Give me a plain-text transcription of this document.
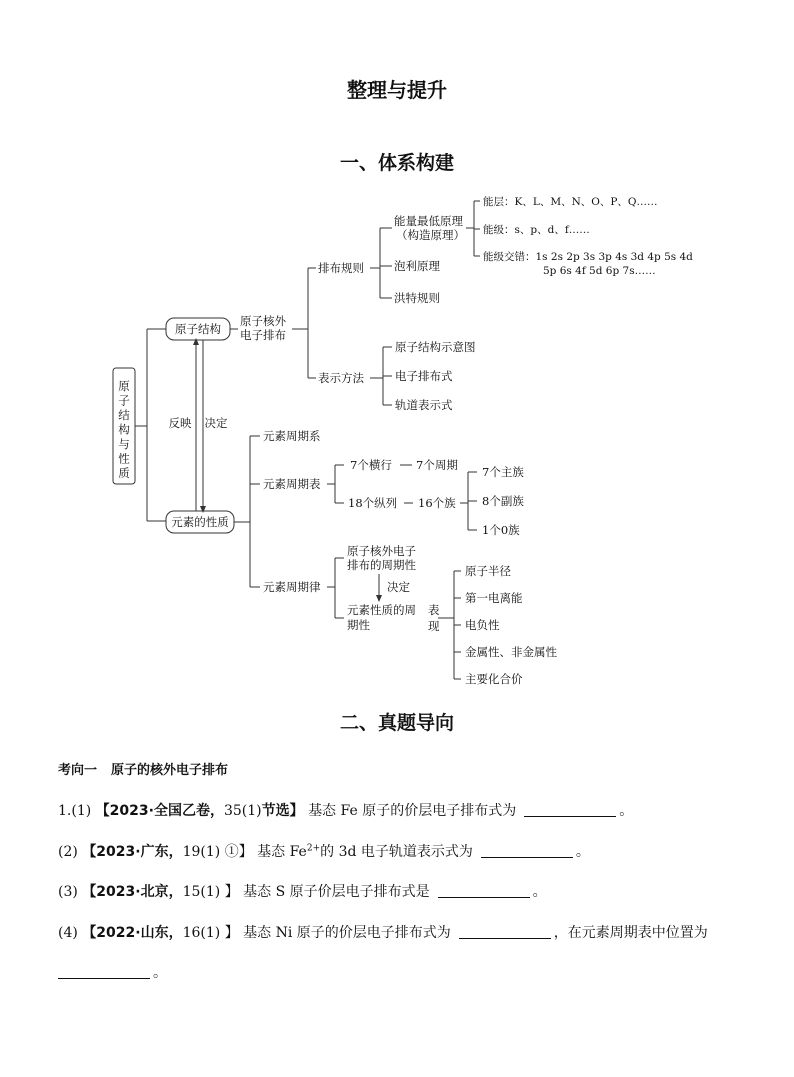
整理与提升
一、体系构建
原子结构与性质
原子结构
元素的性质
反映 决定
原子核外
电子排布
排布规则
能量最低原理
（构造原理）
泡利原理
洪特规则
能层：K、L、M、N、O、P、Q……
能级：s、p、d、f……
能级交错：1s 2s 2p 3s 3p 4s 3d 4p 5s 4d
5p 6s 4f 5d 6p 7s……
表示方法
原子结构示意图
电子排布式
轨道表示式
元素周期系
元素周期表
7个横行 7个周期
18个纵列 16个族
7个主族
8个副族
1个0族
元素周期律
原子核外电子
排布的周期性
决定
元素性质的周
期性
表
现
原子半径
第一电离能
电负性
金属性、非金属性
主要化合价
二、真题导向
考向一 原子的核外电子排布
1.(1) 【2023·全国乙卷，35(1)节选】 基态 Fe 原子的价层电子排布式为	。
(2) 【2023·广东，19(1) ①】 基态 $Fe^{2+}$的 3d 电子轨道表示式为	。
(3) 【2023·北京，15(1) 】 基态 S 原子价层电子排布式是	。
(4) 【2022·山东，16(1) 】 基态 Ni 原子的价层电子排布式为	，在元素周期表中位置为
。
